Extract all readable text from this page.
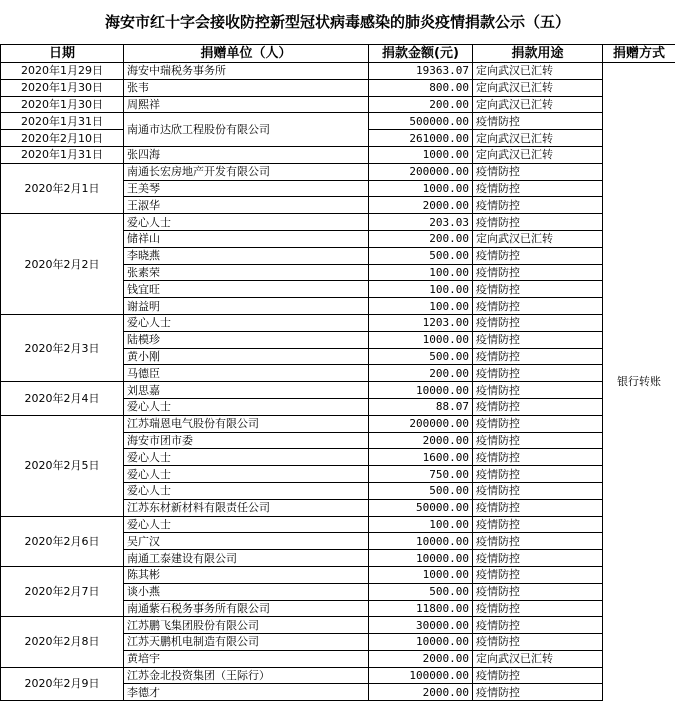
海安市红十字会接收防控新型冠状病毒感染的肺炎疫情捐款公示（五）
日期	捐赠单位（人）	捐款金额(元)	捐款用途	捐赠方式
2020年1月29日	海安中瑞税务事务所	19363.07	定向武汉已汇转	银行转账
2020年1月30日	张韦	800.00	定向武汉已汇转	
2020年1月30日	周熙祥	200.00	定向武汉已汇转	
2020年1月31日	南通市达欣工程股份有限公司	500000.00	疫情防控	
2020年2月10日		261000.00	定向武汉已汇转	
2020年1月31日	张四海	1000.00	定向武汉已汇转	
2020年2月1日	南通长宏房地产开发有限公司	200000.00	疫情防控	
	王美琴	1000.00	疫情防控	
	王淑华	2000.00	疫情防控	
2020年2月2日	爱心人士	203.03	疫情防控	
	储祥山	200.00	定向武汉已汇转	
	李晓燕	500.00	疫情防控	
	张素荣	100.00	疫情防控	
	钱宜旺	100.00	疫情防控	
	谢益明	100.00	疫情防控	
2020年2月3日	爱心人士	1203.00	疫情防控	
	陆模珍	1000.00	疫情防控	
	黄小刚	500.00	疫情防控	
	马德臣	200.00	疫情防控	
2020年2月4日	刘思嘉	10000.00	疫情防控	
	爱心人士	88.07	疫情防控	
2020年2月5日	江苏瑞恩电气股份有限公司	200000.00	疫情防控	
	海安市团市委	2000.00	疫情防控	
	爱心人士	1600.00	疫情防控	
	爱心人士	750.00	疫情防控	
	爱心人士	500.00	疫情防控	
	江苏东材新材料有限责任公司	50000.00	疫情防控	
2020年2月6日	爱心人士	100.00	疫情防控	
	吴广汉	10000.00	疫情防控	
	南通工泰建设有限公司	10000.00	疫情防控	
2020年2月7日	陈其彬	1000.00	疫情防控	
	谈小燕	500.00	疫情防控	
	南通紫石税务事务所有限公司	11800.00	疫情防控	
2020年2月8日	江苏鹏飞集团股份有限公司	30000.00	疫情防控	
	江苏天鹏机电制造有限公司	10000.00	疫情防控	
	黄培宇	2000.00	定向武汉已汇转	
2020年2月9日	江苏金北投资集团（王际行）	100000.00	疫情防控	
	李德才	2000.00	疫情防控	
